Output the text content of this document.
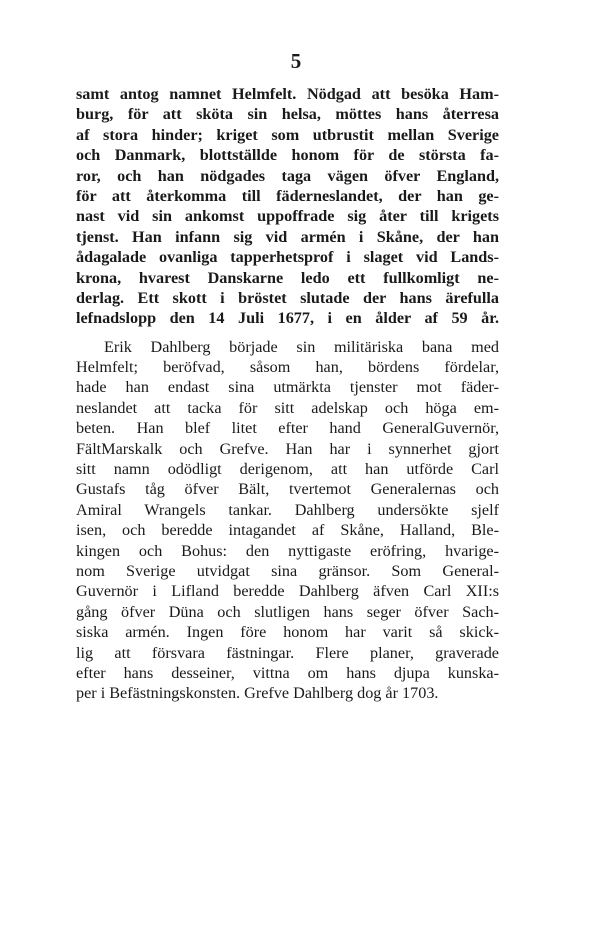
5
samt antog namnet Helmfelt. Nödgad att besöka Ham-
burg, för att sköta sin helsa, möttes hans återresa
af stora hinder; kriget som utbrustit mellan Sverige
och Danmark, blottställde honom för de största fa-
ror, och han nödgades taga vägen öfver England,
för att återkomma till fäderneslandet, der han ge-
nast vid sin ankomst uppoffrade sig åter till krigets
tjenst. Han infann sig vid armén i Skåne, der han
ådagalade ovanliga tapperhetsprof i slaget vid Lands-
krona, hvarest Danskarne ledo ett fullkomligt ne-
derlag. Ett skott i bröstet slutade der hans ärefulla
lefnadslopp den 14 Juli 1677, i en ålder af 59 år.
Erik Dahlberg började sin militäriska bana med
Helmfelt; beröfvad, såsom han, bördens fördelar,
hade han endast sina utmärkta tjenster mot fäder-
neslandet att tacka för sitt adelskap och höga em-
beten. Han blef litet efter hand GeneralGuvernör,
FältMarskalk och Grefve. Han har i synnerhet gjort
sitt namn odödligt derigenom, att han utförde Carl
Gustafs tåg öfver Bält, tvertemot Generalernas och
Amiral Wrangels tankar. Dahlberg undersökte sjelf
isen, och beredde intagandet af Skåne, Halland, Ble-
kingen och Bohus: den nyttigaste eröfring, hvarige-
nom Sverige utvidgat sina gränsor. Som General-
Guvernör i Lifland beredde Dahlberg äfven Carl XII:s
gång öfver Düna och slutligen hans seger öfver Sach-
siska armén. Ingen före honom har varit så skick-
lig att försvara fästningar. Flere planer, graverade
efter hans desseiner, vittna om hans djupa kunska-
per i Befästningskonsten. Grefve Dahlberg dog år 1703.
